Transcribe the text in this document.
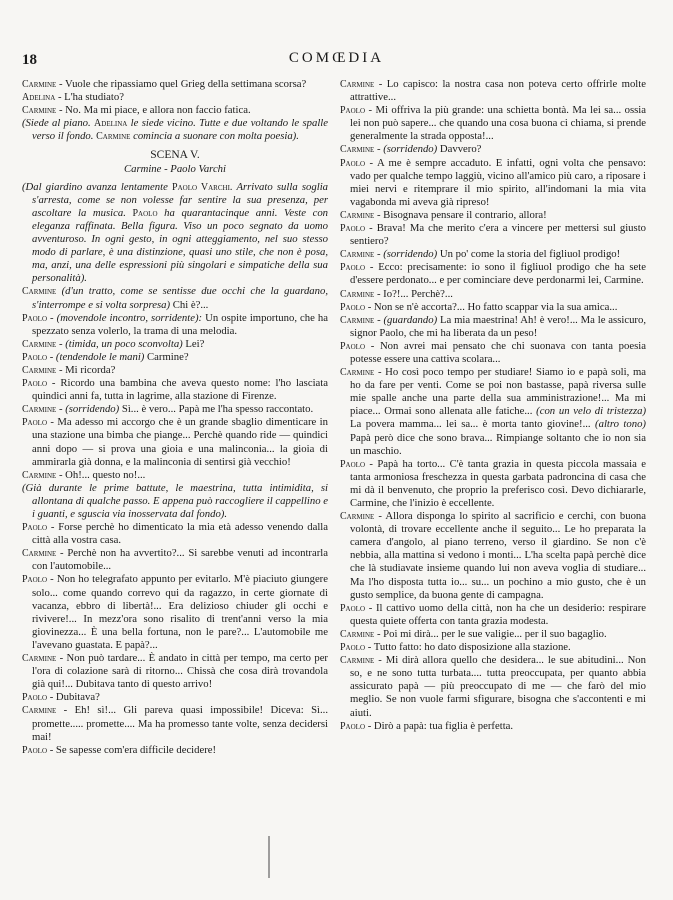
18	COMŒDIA

Carmine - Vuole che ripassiamo quel Grieg della settimana scorsa?

Adelina - L'ha studiato?

Carmine - No. Ma mi piace, e allora non faccio fatica.

(Siede al piano. Adelina le siede vicino. Tutte e due voltando le spalle verso il fondo. Carmine comincia a suonare con molta poesia).

SCENA V.
Carmine - Paolo Varchi

(Dal giardino avanza lentamente Paolo Varchi. Arrivato sulla soglia s'arresta, come se non volesse far sentire la sua presenza, per ascoltare la musica. Paolo ha quarantacinque anni. Veste con eleganza raffinata. Bella figura. Viso un poco segnato da uomo avventuroso. In ogni gesto, in ogni atteggiamento, nel suo stesso modo di parlare, è una distinzione, quasi uno stile, che non è posa, ma, anzi, una delle espressioni più singolari e simpatiche della sua personalità).

Carmine (d'un tratto, come se sentisse due occhi che la guardano, s'interrompe e si volta sorpresa) Chi è?...

Paolo - (movendole incontro, sorridente): Un ospite importuno, che ha spezzato senza volerlo, la trama di una melodia.

Carmine - (timida, un poco sconvolta) Lei?

Paolo - (tendendole le mani) Carmine?

Carmine - Mi ricorda?

Paolo - Ricordo una bambina che aveva questo nome: l'ho lasciata quindici anni fa, tutta in lagrime, alla stazione di Firenze.

Carmine - (sorridendo) Sì... è vero... Papà me l'ha spesso raccontato.

Paolo - Ma adesso mi accorgo che è un grande sbaglio dimenticare in una stazione una bimba che piange... Perchè quando ride — quindici anni dopo — si prova una gioia e una malinconia... la gioia di ammirarla già donna, e la malinconia di sentirsi già vecchio!

Carmine - Oh!... questo no!...

(Già durante le prime battute, le maestrina, tutta intimidita, si allontana di qualche passo. E appena può raccogliere il cappellino e i guanti, e sguscia via inosservata dal fondo).

Paolo - Forse perchè ho dimenticato la mia età adesso venendo dalla città alla vostra casa.

Carmine - Perchè non ha avvertito?... Si sarebbe venuti ad incontrarla con l'automobile...

Paolo - Non ho telegrafato appunto per evitarlo. M'è piaciuto giungere solo... come quando correvo qui da ragazzo, in certe giornate di vacanza, ebbro di libertà!... Era delizioso chiuder gli occhi e rivivere!... In mezz'ora sono risalito di trent'anni verso la mia giovinezza... È una bella fortuna, non le pare?... L'automobile me l'avevano guastata. E papà?...

Carmine - Non può tardare... È andato in città per tempo, ma certo per l'ora di colazione sarà di ritorno... Chissà che cosa dirà trovandola già qui!... Dubitava tanto di questo arrivo!

Paolo - Dubitava?

Carmine - Eh! sì!... Gli pareva quasi impossibile! Diceva: Sì... promette..... promette.... Ma ha promesso tante volte, senza decidersi mai!

Paolo - Se sapesse com'era difficile decidere!

Carmine - Lo capisco: la nostra casa non poteva certo offrirle molte attrattive...

Paolo - Mi offriva la più grande: una schietta bontà. Ma lei sa... ossia lei non può sapere... che quando una cosa buona ci chiama, si prende generalmente la strada opposta!...

Carmine - (sorridendo) Davvero?

Paolo - A me è sempre accaduto. E infatti, ogni volta che pensavo: vado per qualche tempo laggiù, vicino all'amico più caro, a riposare i miei nervi e ritemprare il mio spirito, all'indomani la mia vita vagabonda mi aveva già ripreso!

Carmine - Bisognava pensare il contrario, allora!

Paolo - Brava! Ma che merito c'era a vincere per mettersi sul giusto sentiero?

Carmine - (sorridendo) Un po' come la storia del figliuol prodigo!

Paolo - Ecco: precisamente: io sono il figliuol prodigo che ha sete d'essere perdonato... e per cominciare deve perdonarmi lei, Carmine.

Carmine - Io?!... Perchè?...

Paolo - Non se n'è accorta?... Ho fatto scappar via la sua amica...

Carmine - (guardando) La mia maestrina! Ah! è vero!... Ma le assicuro, signor Paolo, che mi ha liberata da un peso!

Paolo - Non avrei mai pensato che chi suonava con tanta poesia potesse essere una cattiva scolara...

Carmine - Ho così poco tempo per studiare! Siamo io e papà soli, ma ho da fare per venti. Come se poi non bastasse, papà riversa sulle mie spalle anche una parte della sua amministrazione!... Ma mi piace... Ormai sono allenata alle fatiche... (con un velo di tristezza) La povera mamma... lei sa... è morta tanto giovine!... (altro tono) Papà però dice che sono brava... Rimpiange soltanto che io non sia un maschio.

Paolo - Papà ha torto... C'è tanta grazia in questa piccola massaia e tanta armoniosa freschezza in questa garbata padroncina di casa che mi dà il benvenuto, che proprio la preferisco così. Devo dichiararle, Carmine, che l'inizio è eccellente.

Carmine - Allora disponga lo spirito al sacrificio e cerchi, con buona volontà, di trovare eccellente anche il seguito... Le ho preparata la camera d'angolo, al piano terreno, verso il giardino. Se non c'è nebbia, alla mattina si vedono i monti... L'ha scelta papà perchè dice che là studiavate insieme quando lui non aveva voglia di studiare... Ma l'ho disposta tutta io... su... un pochino a mio gusto, che è un gusto semplice, da buona gente di campagna.

Paolo - Il cattivo uomo della città, non ha che un desiderio: respirare questa quiete offerta con tanta grazia modesta.

Carmine - Poi mi dirà... per le sue valigie... per il suo bagaglio.

Paolo - Tutto fatto: ho dato disposizione alla stazione.

Carmine - Mi dirà allora quello che desidera... le sue abitudini... Non so, e ne sono tutta turbata.... tutta preoccupata, per quanto abbia assicurato papà — più preoccupato di me — che farò del mio meglio. Se non vuole farmi sfigurare, bisogna che s'accontenti e mi aiuti.

Paolo - Dirò a papà: tua figlia è perfetta.
